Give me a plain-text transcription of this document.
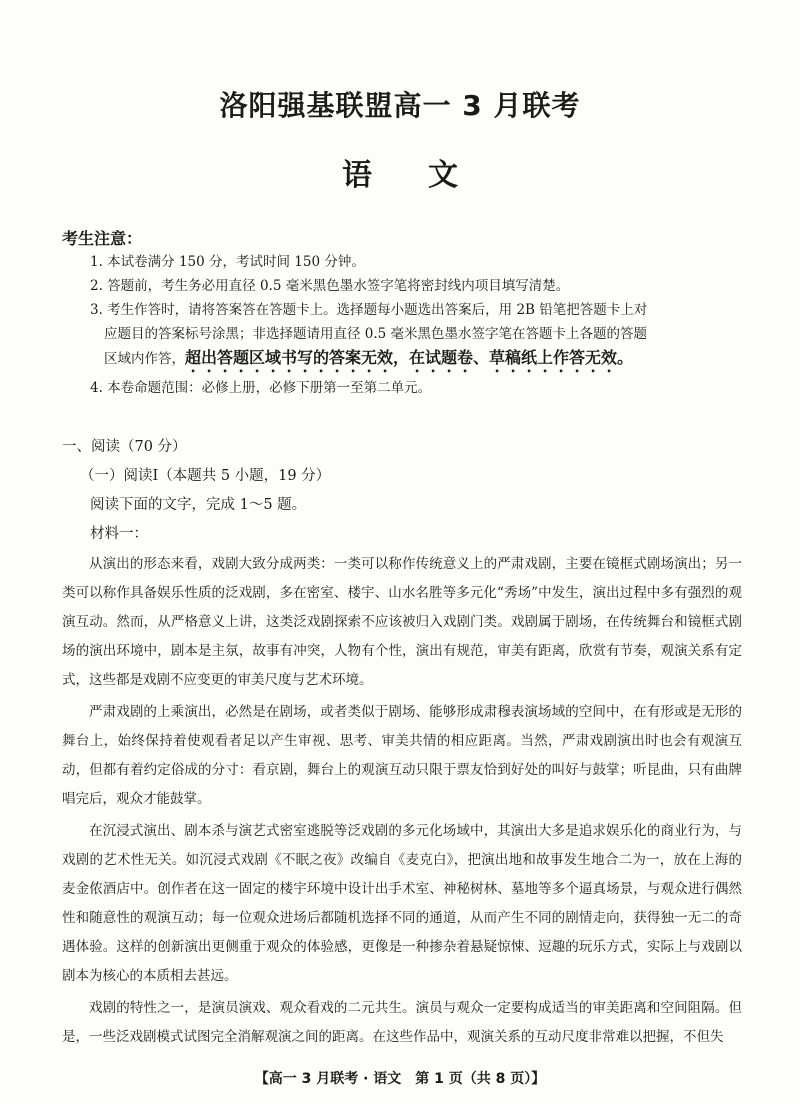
洛阳强基联盟高一 3 月联考
语文
考生注意：
1. 本试卷满分 150 分，考试时间 150 分钟。
2. 答题前，考生务必用直径 0.5 毫米黑色墨水签字笔将密封线内项目填写清楚。
3. 考生作答时，请将答案答在答题卡上。选择题每小题选出答案后，用 2B 铅笔把答题卡上对应题目的答案标号涂黑；非选择题请用直径 0.5 毫米黑色墨水签字笔在答题卡上各题的答题区域内作答，超出答题区域书写的答案无效，在试题卷、草稿纸上作答无效。
4. 本卷命题范围：必修上册，必修下册第一至第二单元。
一、阅读（70 分）
（一）阅读Ⅰ（本题共 5 小题，19 分）
阅读下面的文字，完成 1～5 题。
材料一：

从演出的形态来看，戏剧大致分成两类：一类可以称作传统意义上的严肃戏剧，主要在镜框式剧场演出；另一类可以称作具备娱乐性质的泛戏剧，多在密室、楼宇、山水名胜等多元化“秀场”中发生，演出过程中多有强烈的观演互动。然而，从严格意义上讲，这类泛戏剧探索不应该被归入戏剧门类。戏剧属于剧场，在传统舞台和镜框式剧场的演出环境中，剧本是主氛，故事有冲突，人物有个性，演出有规范，审美有距离，欣赏有节奏，观演关系有定式，这些都是戏剧不应变更的审美尺度与艺术环境。

严肃戏剧的上乘演出，必然是在剧场，或者类似于剧场、能够形成肃穆表演场域的空间中，在有形或是无形的舞台上，始终保持着使观看者足以产生审视、思考、审美共情的相应距离。当然，严肃戏剧演出时也会有观演互动，但都有着约定俗成的分寸：看京剧，舞台上的观演互动只限于票友恰到好处的叫好与鼓掌；听昆曲，只有曲牌唱完后，观众才能鼓掌。

在沉浸式演出、剧本杀与演艺式密室逃脱等泛戏剧的多元化场域中，其演出大多是追求娱乐化的商业行为，与戏剧的艺术性无关。如沉浸式戏剧《不眠之夜》改编自《麦克白》，把演出地和故事发生地合二为一，放在上海的麦金侬酒店中。创作者在这一固定的楼宇环境中设计出手术室、神秘树林、墓地等多个逼真场景，与观众进行偶然性和随意性的观演互动；每一位观众进场后都随机选择不同的通道，从而产生不同的剧情走向，获得独一无二的奇遇体验。这样的创新演出更侧重于观众的体验感，更像是一种掺杂着悬疑惊悚、逗趣的玩乐方式，实际上与戏剧以剧本为核心的本质相去甚远。

戏剧的特性之一，是演员演戏、观众看戏的二元共生。演员与观众一定要构成适当的审美距离和空间阻隔。但是，一些泛戏剧模式试图完全消解观演之间的距离。在这些作品中，观演关系的互动尺度非常难以把握，不但失

【高一 3 月联考 · 语文　第 1 页（共 8 页）】
